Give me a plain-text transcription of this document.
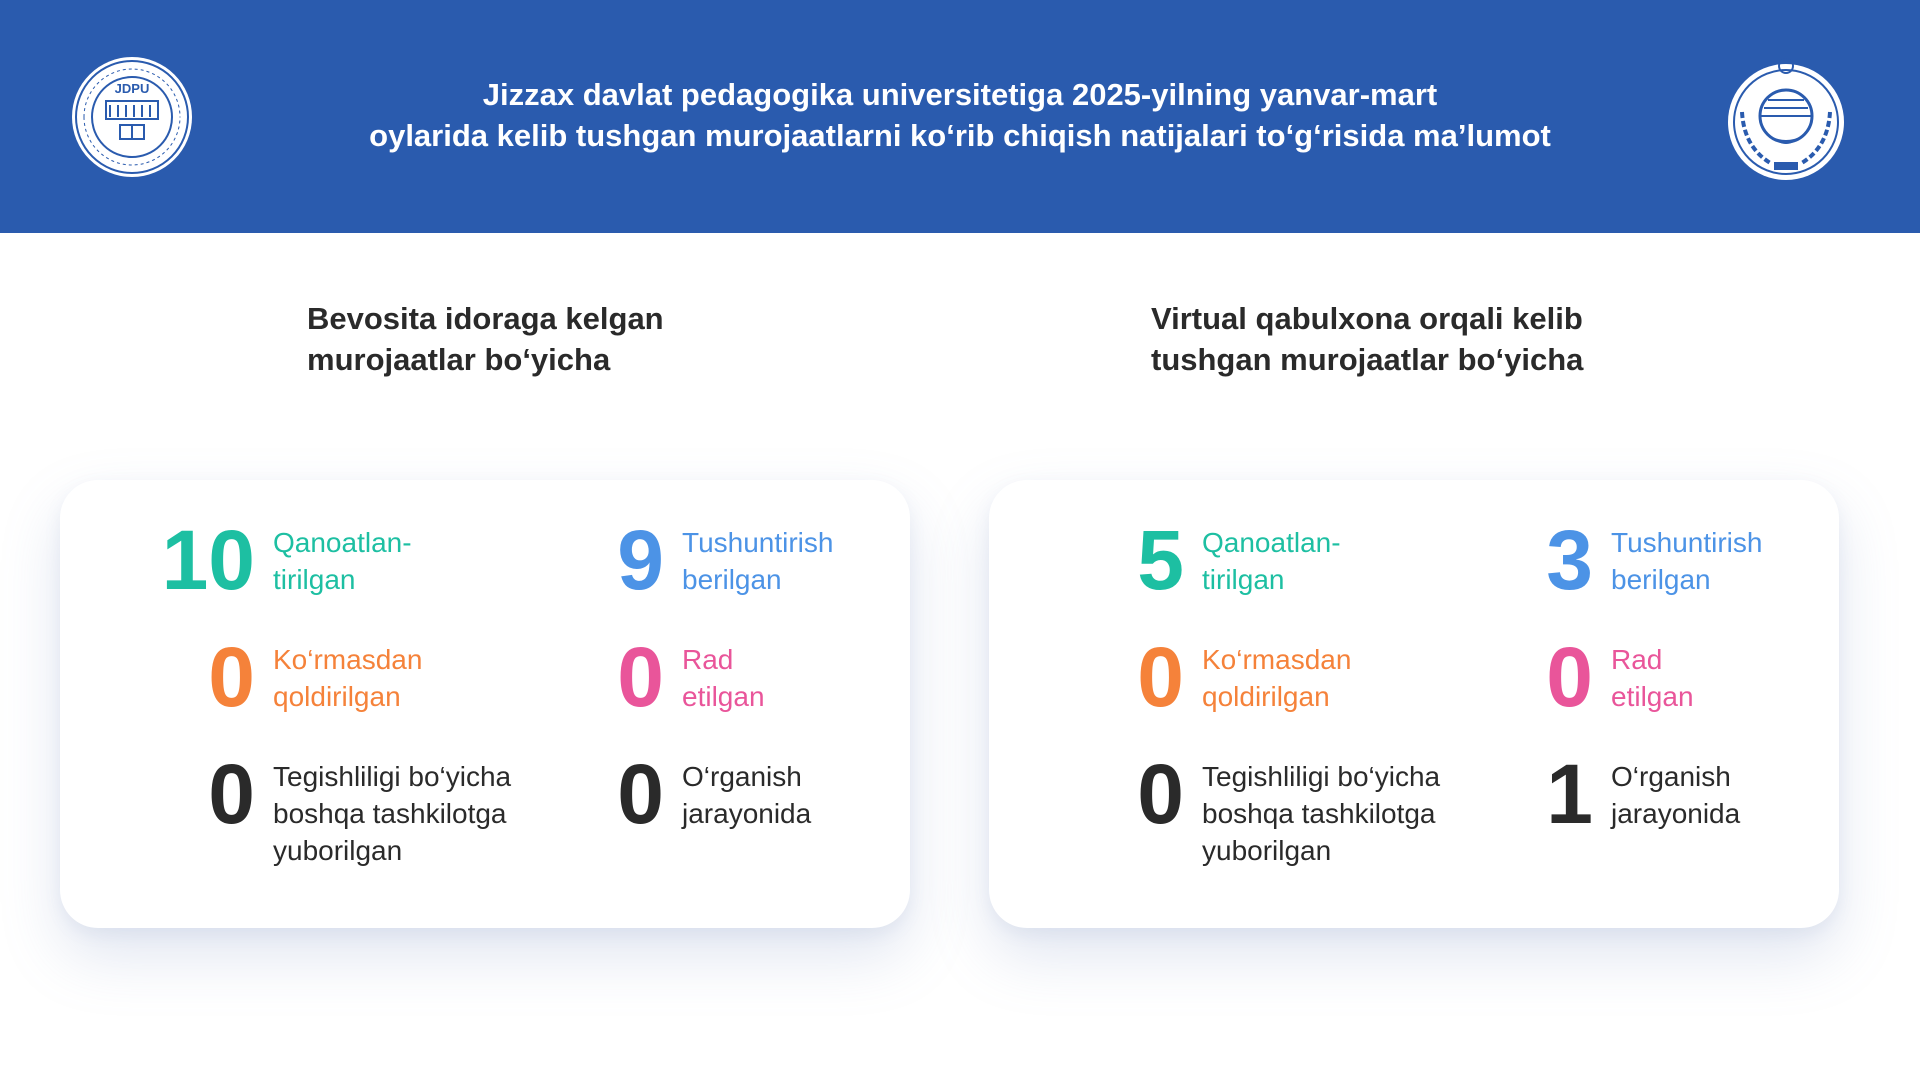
JDPU	Jizzax davlat pedagogika universitetiga 2025-yilning yanvar-mart
oylarida kelib tushgan murojaatlarni ko‘rib chiqish natijalari to‘g‘risida ma’lumot
Bevosita idoraga kelgan
murojaatlar bo‘yicha
10 Qanoatlan-
tirilgan	9 Tushuntirish
berilgan
0 Ko‘rmasdan
qoldirilgan	0 Rad
etilgan
0 Tegishliligi bo‘yicha
boshqa tashkilotga
yuborilgan
0 O‘rganish
jarayonida
Virtual qabulxona orqali kelib
tushgan murojaatlar bo‘yicha
5 Qanoatlan-
tirilgan	3 Tushuntirish
berilgan
0 Ko‘rmasdan
qoldirilgan	0 Rad
etilgan
0 Tegishliligi bo‘yicha
boshqa tashkilotga
yuborilgan
1 O‘rganish
jarayonida
